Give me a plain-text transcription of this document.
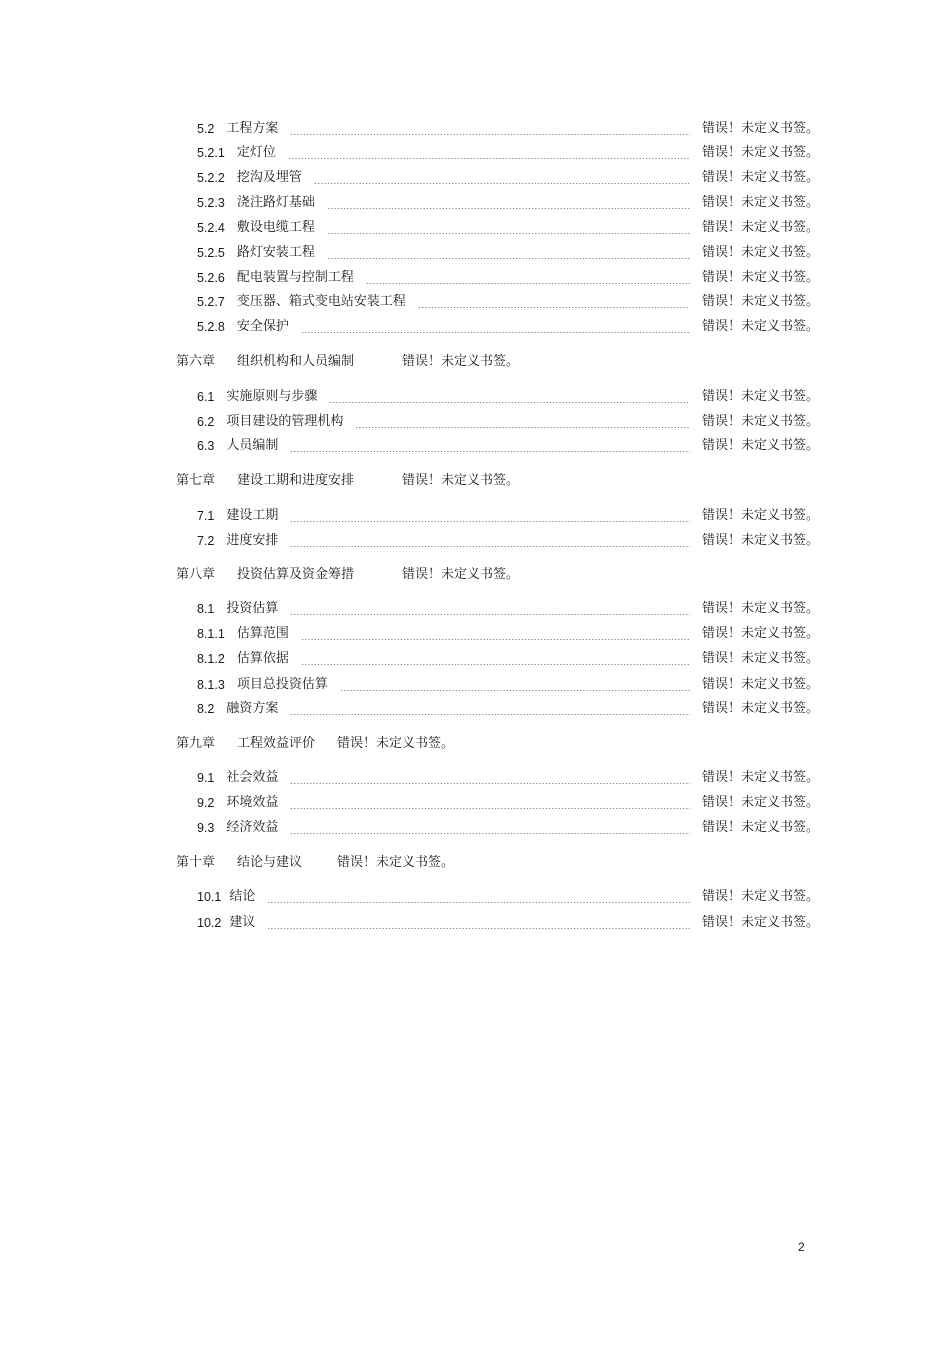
5.2 工程方案	错误！未定义书签。
5.2.1 定灯位	错误！未定义书签。
5.2.2 挖沟及埋管	错误！未定义书签。
5.2.3 浇注路灯基础	错误！未定义书签。
5.2.4 敷设电缆工程	错误！未定义书签。
5.2.5 路灯安装工程	错误！未定义书签。
5.2.6 配电装置与控制工程	错误！未定义书签。
5.2.7 变压器、箱式变电站安装工程	错误！未定义书签。
5.2.8 安全保护	错误！未定义书签。
第六章 组织机构和人员编制	错误！未定义书签。
6.1 实施原则与步骤	错误！未定义书签。
6.2 项目建设的管理机构	错误！未定义书签。
6.3 人员编制	错误！未定义书签。
第七章 建设工期和进度安排	错误！未定义书签。
7.1 建设工期	错误！未定义书签。
7.2 进度安排	错误！未定义书签。
第八章 投资估算及资金筹措	错误！未定义书签。
8.1 投资估算	错误！未定义书签。
8.1.1 估算范围	错误！未定义书签。
8.1.2 估算依据	错误！未定义书签。
8.1.3 项目总投资估算	错误！未定义书签。
8.2 融资方案	错误！未定义书签。
第九章 工程效益评价 错误！未定义书签。
9.1 社会效益	错误！未定义书签。
9.2 环境效益	错误！未定义书签。
9.3 经济效益	错误！未定义书签。
第十章 结论与建议	错误！未定义书签。
10.1 结论	错误！未定义书签。
10.2 建议	错误！未定义书签。
2
